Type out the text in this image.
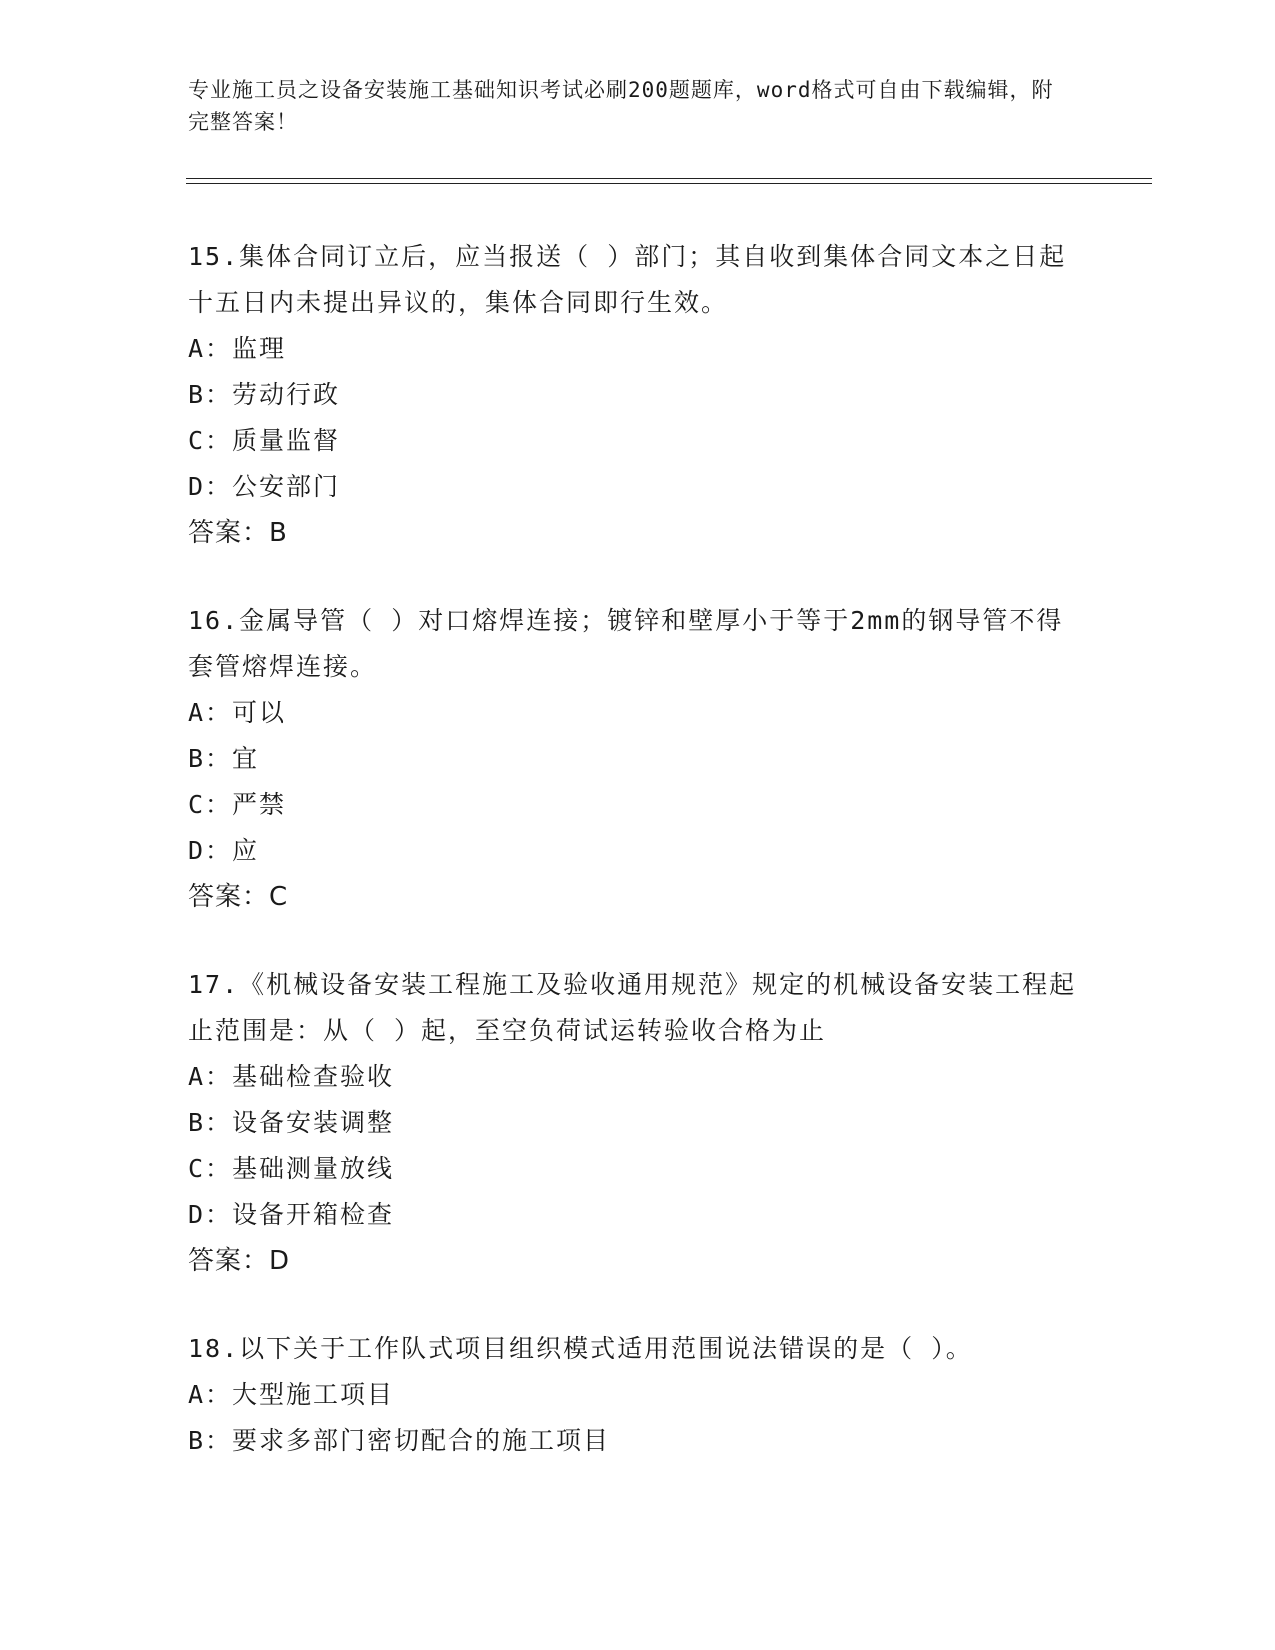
专业施工员之设备安装施工基础知识考试必刷200题题库，word格式可自由下载编辑，附完整答案！
15.集体合同订立后，应当报送（ ）部门；其自收到集体合同文本之日起十五日内未提出异议的，集体合同即行生效。
A：监理
B：劳动行政
C：质量监督
D：公安部门
答案：B
16.金属导管（ ）对口熔焊连接；镀锌和壁厚小于等于2mm的钢导管不得套管熔焊连接。
A：可以
B：宜
C：严禁
D：应
答案：C
17.《机械设备安装工程施工及验收通用规范》规定的机械设备安装工程起止范围是：从（ ）起，至空负荷试运转验收合格为止
A：基础检查验收
B：设备安装调整
C：基础测量放线
D：设备开箱检查
答案：D
18.以下关于工作队式项目组织模式适用范围说法错误的是（ ）。
A：大型施工项目
B：要求多部门密切配合的施工项目
